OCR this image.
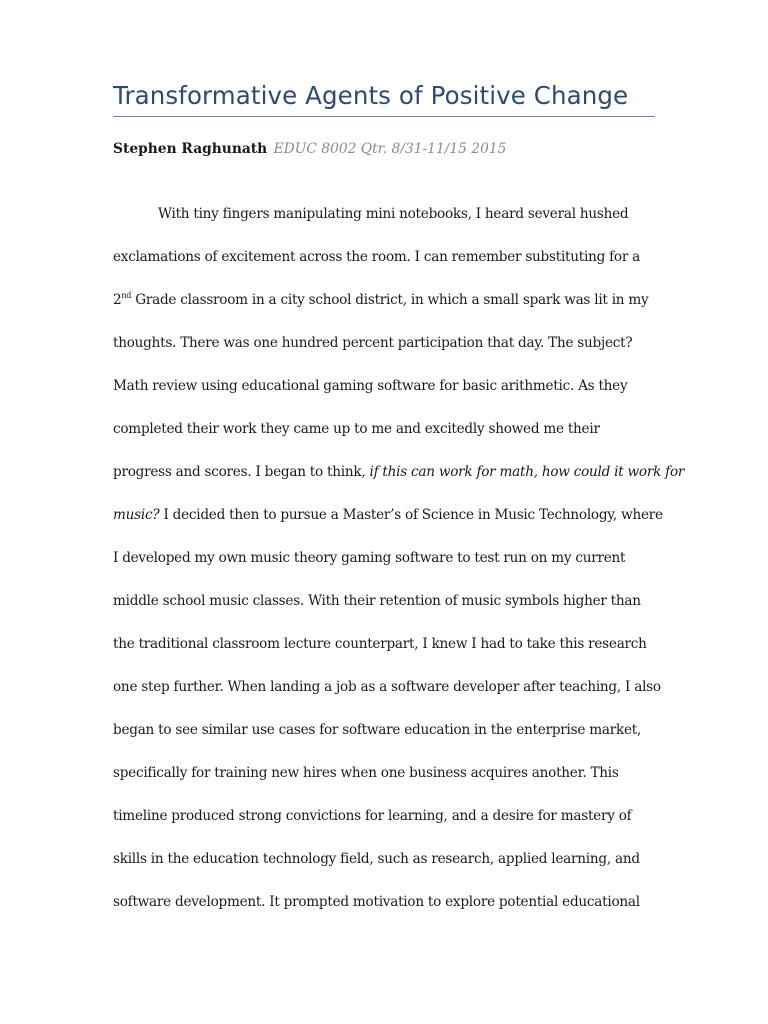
Transformative Agents of Positive Change
Stephen Raghunath EDUC 8002 Qtr. 8/31-11/15 2015
With tiny fingers manipulating mini notebooks, I heard several hushed
exclamations of excitement across the room. I can remember substituting for a
2nd Grade classroom in a city school district, in which a small spark was lit in my
thoughts. There was one hundred percent participation that day. The subject?
Math review using educational gaming software for basic arithmetic. As they
completed their work they came up to me and excitedly showed me their
progress and scores. I began to think, if this can work for math, how could it work for
music? I decided then to pursue a Master’s of Science in Music Technology, where
I developed my own music theory gaming software to test run on my current
middle school music classes. With their retention of music symbols higher than
the traditional classroom lecture counterpart, I knew I had to take this research
one step further. When landing a job as a software developer after teaching, I also
began to see similar use cases for software education in the enterprise market,
specifically for training new hires when one business acquires another. This
timeline produced strong convictions for learning, and a desire for mastery of
skills in the education technology field, such as research, applied learning, and
software development. It prompted motivation to explore potential educational
